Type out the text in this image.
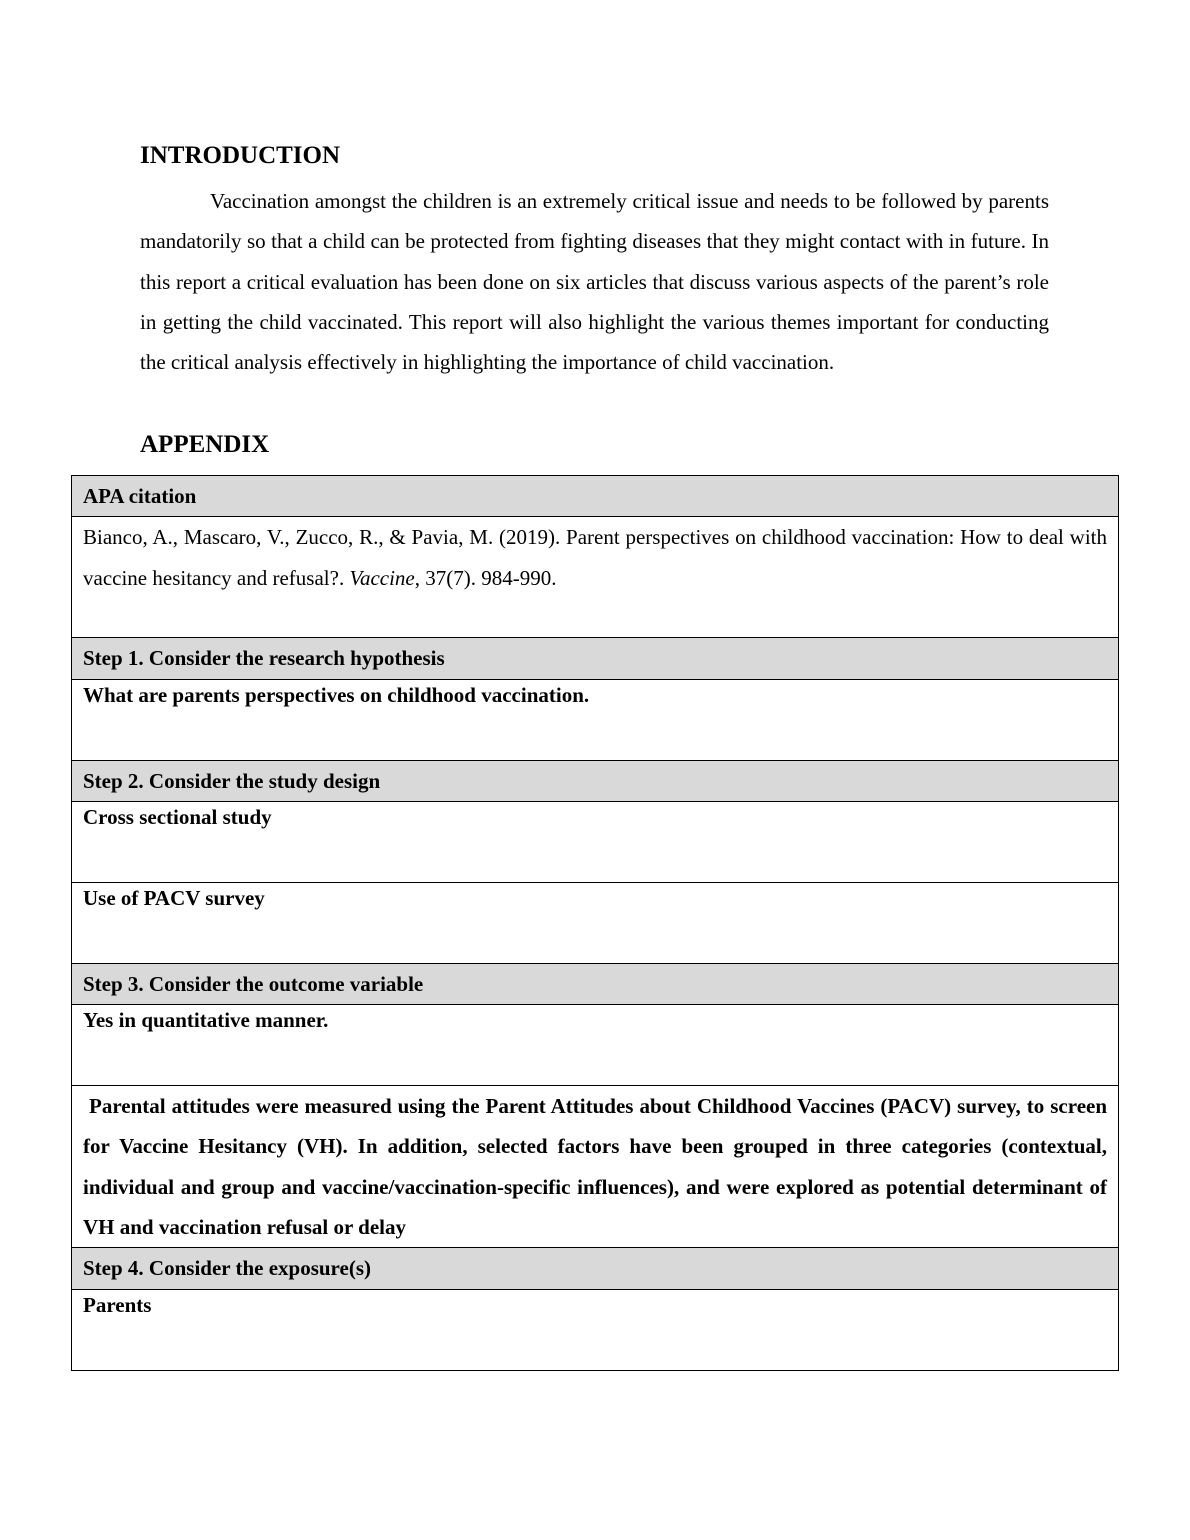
INTRODUCTION

Vaccination amongst the children is an extremely critical issue and needs to be followed by parents mandatorily so that a child can be protected from fighting diseases that they might contact with in future. In this report a critical evaluation has been done on six articles that discuss various aspects of the parent’s role in getting the child vaccinated. This report will also highlight the various themes important for conducting the critical analysis effectively in highlighting the importance of child vaccination.

APPENDIX
APA citation

Bianco, A., Mascaro, V., Zucco, R., & Pavia, M. (2019). Parent perspectives on childhood vaccination: How to deal with vaccine hesitancy and refusal?. Vaccine, 37(7). 984-990.

Step 1. Consider the research hypothesis

What are parents perspectives on childhood vaccination.

Step 2. Consider the study design

Cross sectional study

Use of PACV survey

Step 3. Consider the outcome variable

Yes in quantitative manner.

Parental attitudes were measured using the Parent Attitudes about Childhood Vaccines (PACV) survey, to screen for Vaccine Hesitancy (VH). In addition, selected factors have been grouped in three categories (contextual, individual and group and vaccine/vaccination-specific influences), and were explored as potential determinant of VH and vaccination refusal or delay

Step 4. Consider the exposure(s)

Parents
